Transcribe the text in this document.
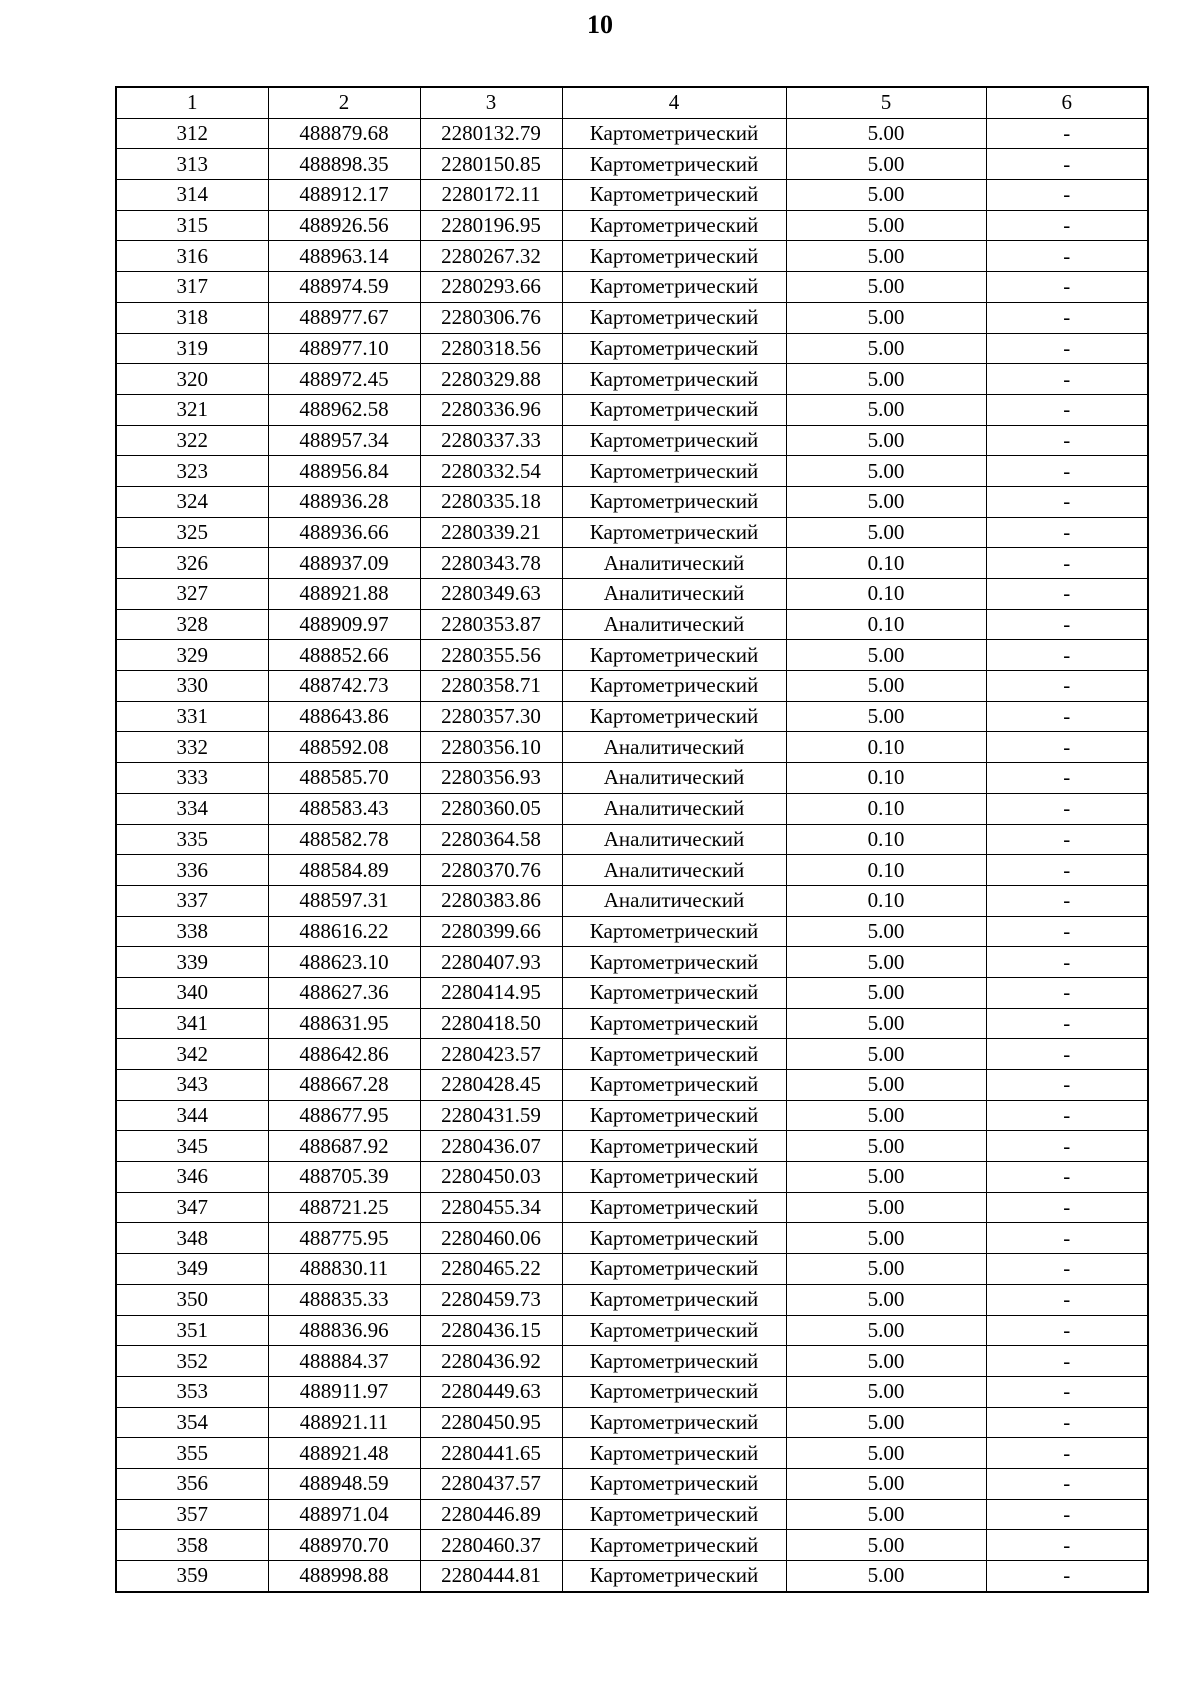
10
1	2	3	4	5	6
312	488879.68	2280132.79	Картометрический	5.00	-
313	488898.35	2280150.85	Картометрический	5.00	-
314	488912.17	2280172.11	Картометрический	5.00	-
315	488926.56	2280196.95	Картометрический	5.00	-
316	488963.14	2280267.32	Картометрический	5.00	-
317	488974.59	2280293.66	Картометрический	5.00	-
318	488977.67	2280306.76	Картометрический	5.00	-
319	488977.10	2280318.56	Картометрический	5.00	-
320	488972.45	2280329.88	Картометрический	5.00	-
321	488962.58	2280336.96	Картометрический	5.00	-
322	488957.34	2280337.33	Картометрический	5.00	-
323	488956.84	2280332.54	Картометрический	5.00	-
324	488936.28	2280335.18	Картометрический	5.00	-
325	488936.66	2280339.21	Картометрический	5.00	-
326	488937.09	2280343.78	Аналитический	0.10	-
327	488921.88	2280349.63	Аналитический	0.10	-
328	488909.97	2280353.87	Аналитический	0.10	-
329	488852.66	2280355.56	Картометрический	5.00	-
330	488742.73	2280358.71	Картометрический	5.00	-
331	488643.86	2280357.30	Картометрический	5.00	-
332	488592.08	2280356.10	Аналитический	0.10	-
333	488585.70	2280356.93	Аналитический	0.10	-
334	488583.43	2280360.05	Аналитический	0.10	-
335	488582.78	2280364.58	Аналитический	0.10	-
336	488584.89	2280370.76	Аналитический	0.10	-
337	488597.31	2280383.86	Аналитический	0.10	-
338	488616.22	2280399.66	Картометрический	5.00	-
339	488623.10	2280407.93	Картометрический	5.00	-
340	488627.36	2280414.95	Картометрический	5.00	-
341	488631.95	2280418.50	Картометрический	5.00	-
342	488642.86	2280423.57	Картометрический	5.00	-
343	488667.28	2280428.45	Картометрический	5.00	-
344	488677.95	2280431.59	Картометрический	5.00	-
345	488687.92	2280436.07	Картометрический	5.00	-
346	488705.39	2280450.03	Картометрический	5.00	-
347	488721.25	2280455.34	Картометрический	5.00	-
348	488775.95	2280460.06	Картометрический	5.00	-
349	488830.11	2280465.22	Картометрический	5.00	-
350	488835.33	2280459.73	Картометрический	5.00	-
351	488836.96	2280436.15	Картометрический	5.00	-
352	488884.37	2280436.92	Картометрический	5.00	-
353	488911.97	2280449.63	Картометрический	5.00	-
354	488921.11	2280450.95	Картометрический	5.00	-
355	488921.48	2280441.65	Картометрический	5.00	-
356	488948.59	2280437.57	Картометрический	5.00	-
357	488971.04	2280446.89	Картометрический	5.00	-
358	488970.70	2280460.37	Картометрический	5.00	-
359	488998.88	2280444.81	Картометрический	5.00	-
